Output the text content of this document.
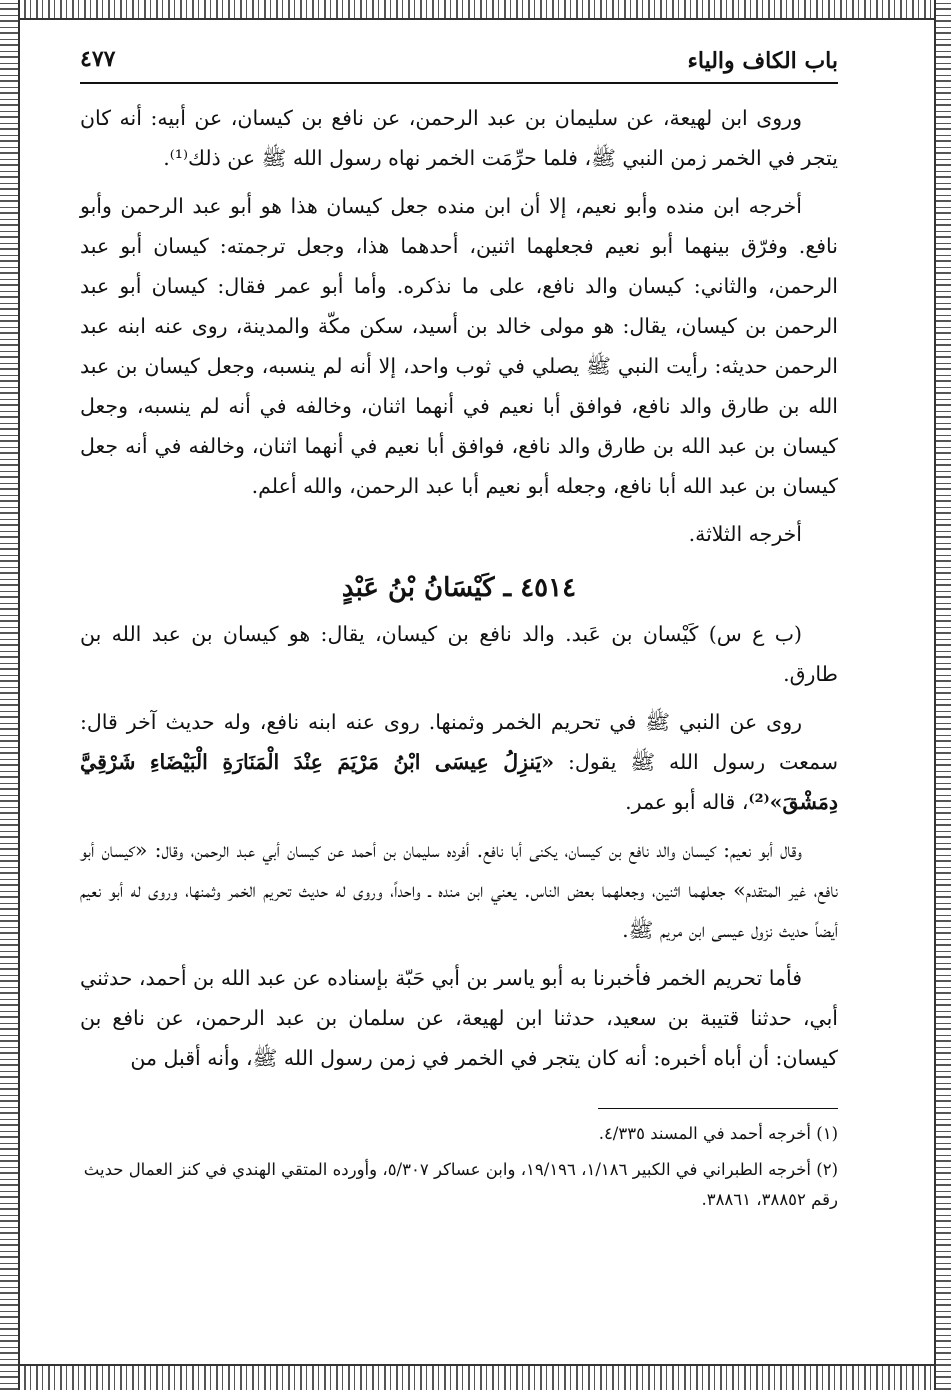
باب الكاف والياء
٤٧٧

وروى ابن لهيعة، عن سليمان بن عبد الرحمن، عن نافع بن كيسان، عن أبيه: أنه كان يتجر في الخمر زمن النبي ﷺ، فلما حرِّمَت الخمر نهاه رسول الله ﷺ عن ذلك⁽¹⁾.

أخرجه ابن منده وأبو نعيم، إلا أن ابن منده جعل كيسان هذا هو أبو عبد الرحمن وأبو نافع. وفرّق بينهما أبو نعيم فجعلهما اثنين، أحدهما هذا، وجعل ترجمته: كيسان أبو عبد الرحمن، والثاني: كيسان والد نافع، على ما نذكره. وأما أبو عمر فقال: كيسان أبو عبد الرحمن بن كيسان، يقال: هو مولى خالد بن أسيد، سكن مكّة والمدينة، روى عنه ابنه عبد الرحمن حديثه: رأيت النبي ﷺ يصلي في ثوب واحد، إلا أنه لم ينسبه، وجعل كيسان بن عبد الله بن طارق والد نافع، فوافق أبا نعيم في أنهما اثنان، وخالفه في أنه لم ينسبه، وجعل كيسان بن عبد الله بن طارق والد نافع، فوافق أبا نعيم في أنهما اثنان، وخالفه في أنه جعل كيسان بن عبد الله أبا نافع، وجعله أبو نعيم أبا عبد الرحمن، والله أعلم.

أخرجه الثلاثة.

٤٥١٤ ـ كَيْسَانُ بْنُ عَبْدٍ

(ب ع س) كَيْسان بن عَبد. والد نافع بن كيسان، يقال: هو كيسان بن عبد الله بن طارق.

روى عن النبي ﷺ في تحريم الخمر وثمنها. روى عنه ابنه نافع، وله حديث آخر قال: سمعت رسول الله ﷺ يقول: «يَنزِلُ عِيسَى ابْنُ مَرْيَمَ عِنْدَ الْمَنَارَةِ الْبَيْضَاءِ شَرْقِيَّ دِمَشْقَ»⁽²⁾، قاله أبو عمر.

وقال أبو نعيم: كيسان والد نافع بن كيسان، يكنى أبا نافع. أفرده سليمان بن أحمد عن كيسان أبي عبد الرحمن، وقال: «كيسان أبو نافع، غير المتقدم» جعلهما اثنين، وجعلهما بعض الناس. يعني ابن منده ـ واحداً، وروى له حديث تحريم الخمر وثمنها، وروى له أبو نعيم أيضاً حديث نزول عيسى ابن مريم ﷺ.

فأما تحريم الخمر فأخبرنا به أبو ياسر بن أبي حَبّة بإسناده عن عبد الله بن أحمد، حدثني أبي، حدثنا قتيبة بن سعيد، حدثنا ابن لهيعة، عن سلمان بن عبد الرحمن، عن نافع بن كيسان: أن أباه أخبره: أنه كان يتجر في الخمر في زمن رسول الله ﷺ، وأنه أقبل من

(١) أخرجه أحمد في المسند ٤/٣٣٥.

(٢) أخرجه الطبراني في الكبير ١/١٨٦، ١٩/١٩٦، وابن عساكر ٥/٣٠٧، وأورده المتقي الهندي في كنز العمال حديث رقم ٣٨٨٥٢، ٣٨٨٦١.
